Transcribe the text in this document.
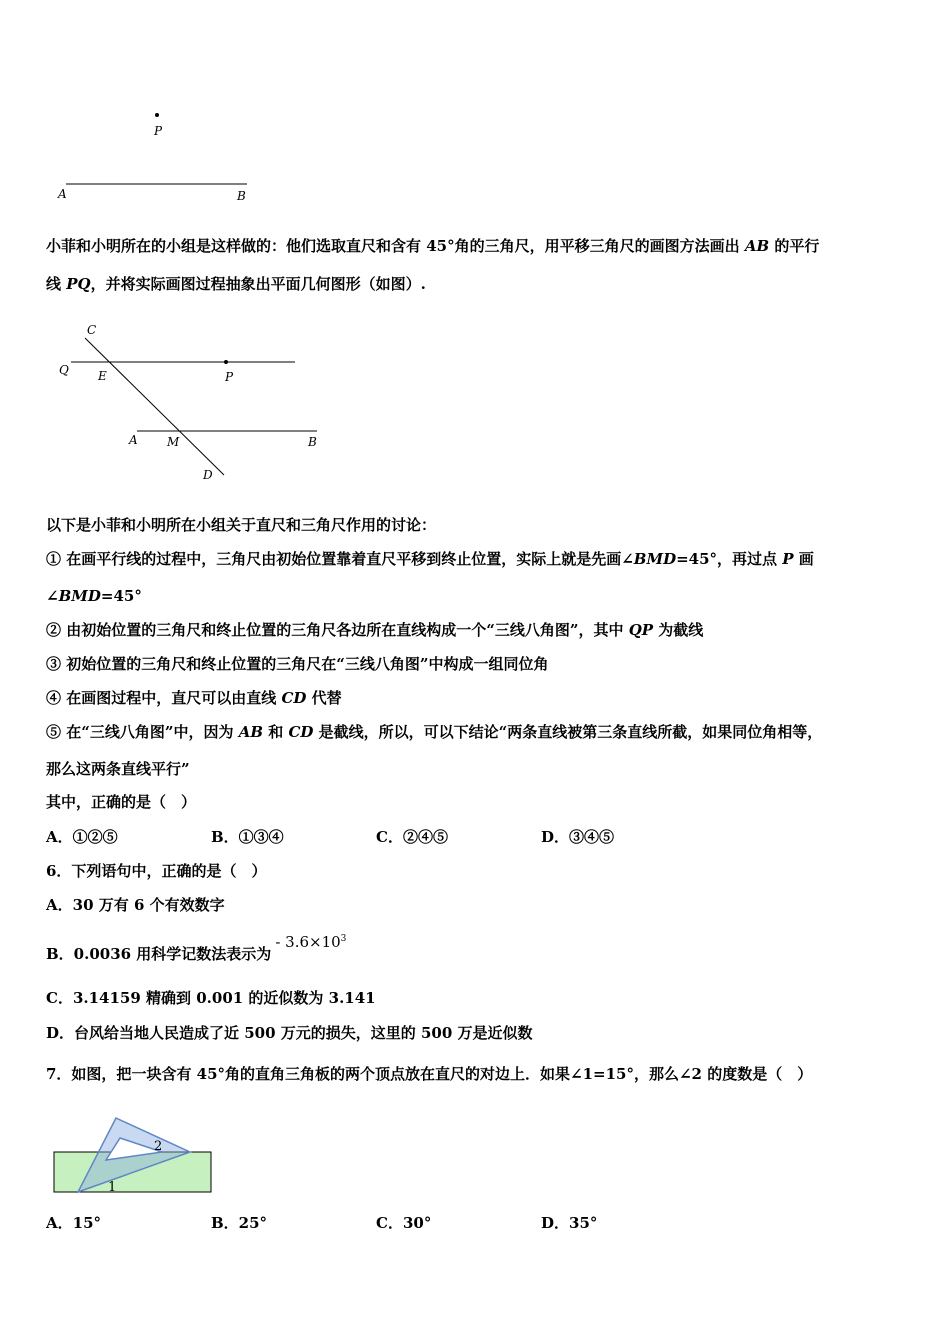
P
A	B
小菲和小明所在的小组是这样做的：他们选取直尺和含有 45°角的三角尺，用平移三角尺的画图方法画出 AB 的平行
线 PQ，并将实际画图过程抽象出平面几何图形（如图）.
C
Q E	P
A M	B
D
以下是小菲和小明所在小组关于直尺和三角尺作用的讨论：
① 在画平行线的过程中，三角尺由初始位置靠着直尺平移到终止位置，实际上就是先画∠BMD=45°，再过点 P 画
∠BMD=45°
② 由初始位置的三角尺和终止位置的三角尺各边所在直线构成一个“三线八角图”，其中 QP 为截线
③ 初始位置的三角尺和终止位置的三角尺在“三线八角图”中构成一组同位角
④ 在画图过程中，直尺可以由直线 CD 代替
⑤ 在“三线八角图”中，因为 AB 和 CD 是截线，所以，可以下结论“两条直线被第三条直线所截，如果同位角相等，
那么这两条直线平行”
其中，正确的是（　）
A．①②⑤	B．①③④	C．②④⑤	D．③④⑤
6．下列语句中，正确的是（　）
A．30 万有 6 个有效数字
B．0.0036 用科学记数法表示为- $3.6\times 10^3$
C．3.14159 精确到 0.001 的近似数为 3.141
D．台风给当地人民造成了近 500 万元的损失，这里的 500 万是近似数
7．如图，把一块含有 45°角的直角三角板的两个顶点放在直尺的对边上．如果∠1=15°，那么∠2 的度数是（　）
2
1
A．15°	B．25°	C．30°	D．35°
